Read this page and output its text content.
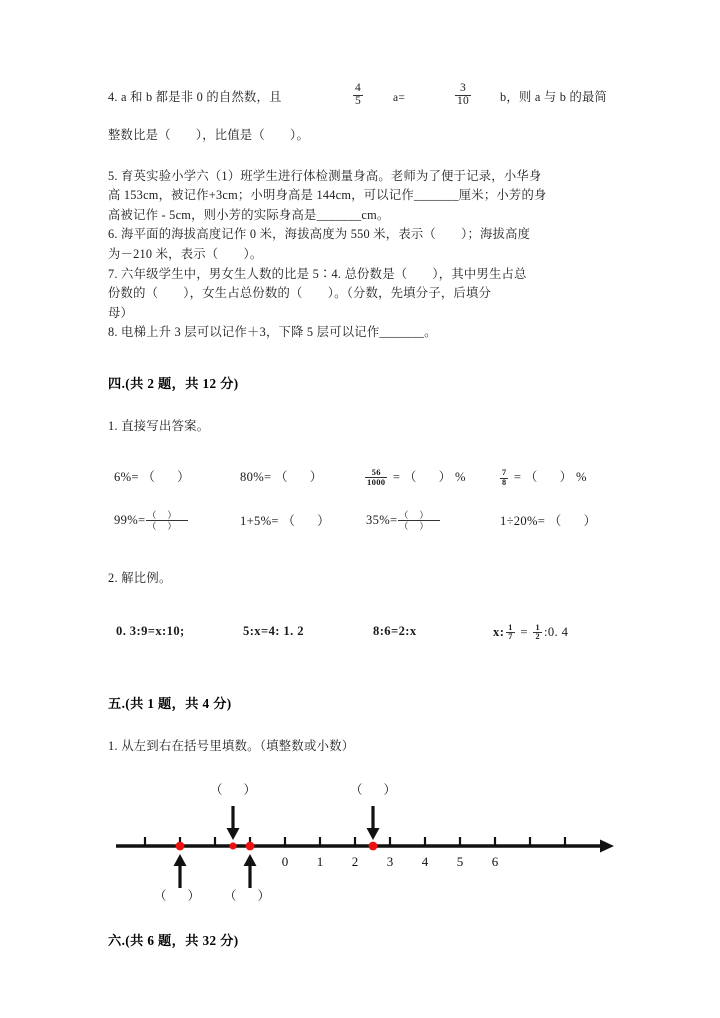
4. a 和 b 都是非 0 的自然数，且	$\frac{4}{5}$	a=	$\frac{3}{10}$ b，则 a 与 b 的最简
整数比是（　　），比值是（　　）。
5. 育英实验小学六（1）班学生进行体检测量身高。老师为了便于记录，小华身
高 153cm，被记作+3cm；小明身高是 144cm，可以记作_______厘米；小芳的身
高被记作 - 5cm，则小芳的实际身高是_______cm。
6. 海平面的海拔高度记作 0 米，海拔高度为 550 米，表示（　　）；海拔高度
为－210 米，表示（　　）。
7. 六年级学生中，男女生人数的比是 5∶4. 总份数是（　　），其中男生占总
份数的（　　），女生占总份数的（　　）。（分数，先填分子，后填分
母）
8. 电梯上升 3 层可以记作＋3，下降 5 层可以记作_______。
四.(共 2 题，共 12 分)
1. 直接写出答案。
6%= （ ）	80%= （ ）	$\frac{56}{1000}$ = （ ） %	$\frac{7}{8}$ = （ ） %
$99\%= \frac{()}{()}$	1+5%= （ ）	$35\%= \frac{()}{()}$	1÷20%= （ ）
2. 解比例。
0. 3:9=x:10;	5:x=4: 1. 2	8:6=2:x	x: $\frac{1}{7} = \frac{1}{2}$ :0. 4
五.(共 1 题，共 4 分)
1. 从左到右在括号里填数。（填整数或小数）
0 1 2 3 4 5 6
（ ）	（ ）
（ ） （ ）
六.(共 6 题，共 32 分)
